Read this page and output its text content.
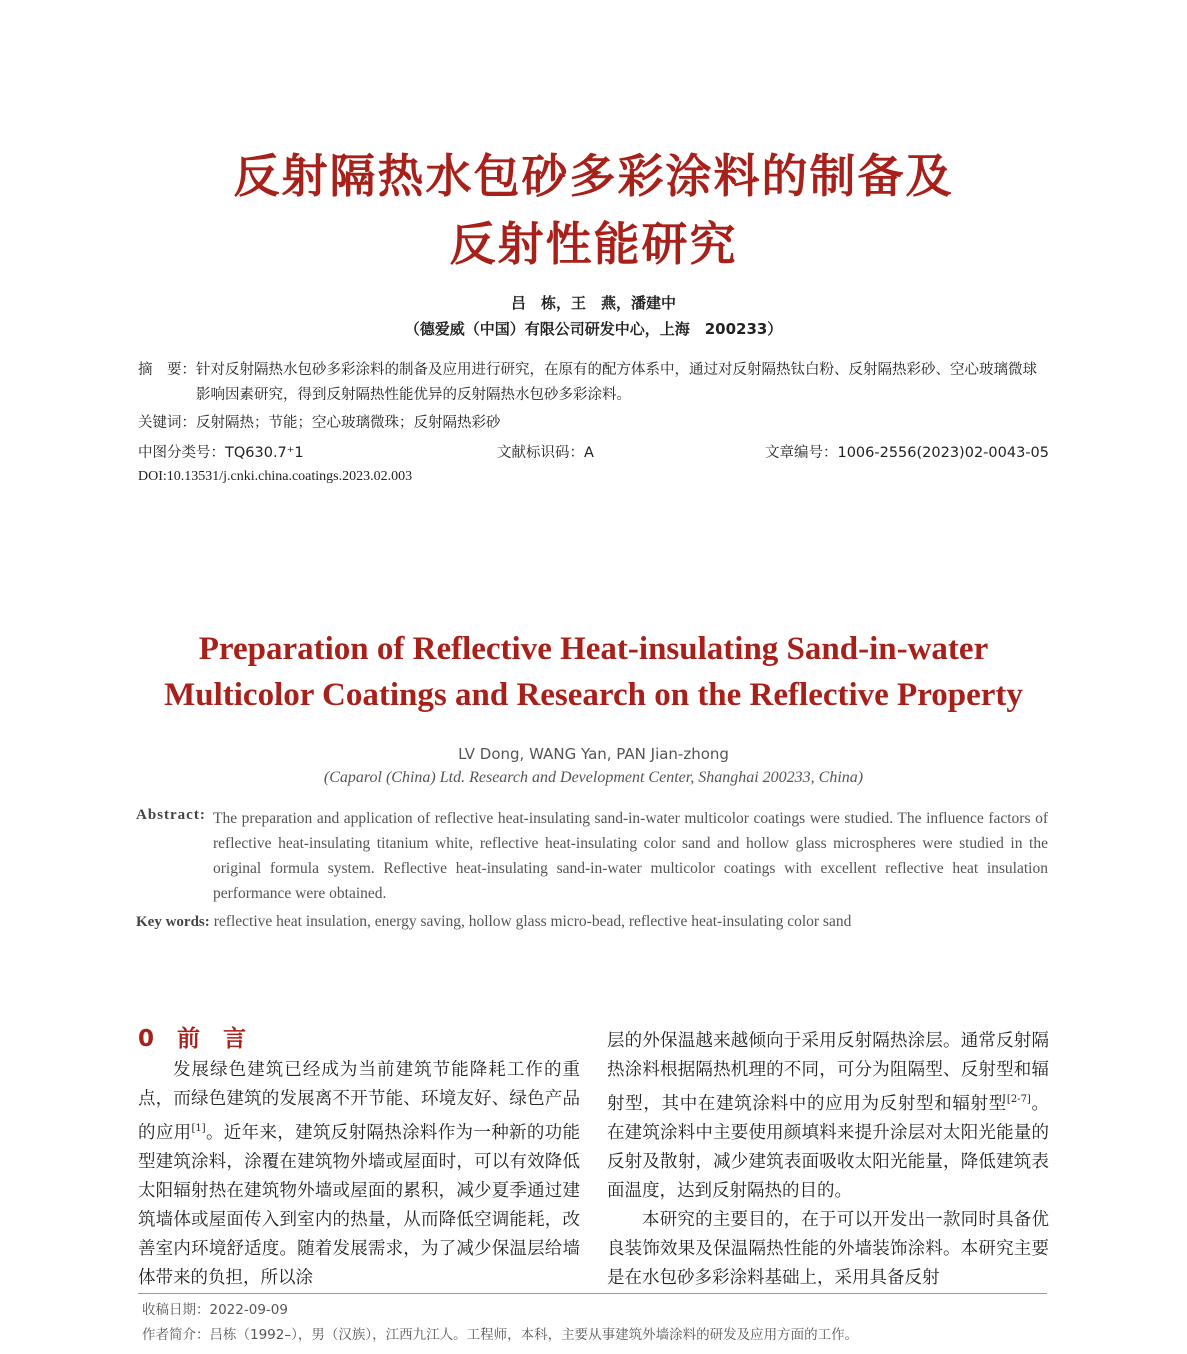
反射隔热水包砂多彩涂料的制备及
反射性能研究
吕　栋，王　燕，潘建中
（德爱威（中国）有限公司研发中心，上海　200233）
摘　要： 针对反射隔热水包砂多彩涂料的制备及应用进行研究，在原有的配方体系中，通过对反射隔热钛白粉、反射隔热彩砂、空心玻璃微球影响因素研究，得到反射隔热性能优异的反射隔热水包砂多彩涂料。
关键词：反射隔热；节能；空心玻璃微珠；反射隔热彩砂
中图分类号：TQ630.7⁺1	文献标识码：A	文章编号：1006-2556(2023)02-0043-05
DOI:10.13531/j.cnki.china.coatings.2023.02.003
Preparation of Reflective Heat-insulating Sand-in-water
Multicolor Coatings and Research on the Reflective Property
LV Dong, WANG Yan, PAN Jian-zhong
(Caparol (China) Ltd. Research and Development Center, Shanghai 200233, China)
Abstract: The preparation and application of reflective heat-insulating sand-in-water multicolor coatings were studied. The influence factors of reflective heat-insulating titanium white, reflective heat-insulating color sand and hollow glass microspheres were studied in the original formula system. Reflective heat-insulating sand-in-water multicolor coatings with excellent reflective heat insulation performance were obtained.
Key words: reflective heat insulation, energy saving, hollow glass micro-bead, reflective heat-insulating color sand
0　前　言

发展绿色建筑已经成为当前建筑节能降耗工作的重点，而绿色建筑的发展离不开节能、环境友好、绿色产品的应用[1]。近年来，建筑反射隔热涂料作为一种新的功能型建筑涂料，涂覆在建筑物外墙或屋面时，可以有效降低太阳辐射热在建筑物外墙或屋面的累积，减少夏季通过建筑墙体或屋面传入到室内的热量，从而降低空调能耗，改善室内环境舒适度。随着发展需求，为了减少保温层给墙体带来的负担，所以涂

层的外保温越来越倾向于采用反射隔热涂层。通常反射隔热涂料根据隔热机理的不同，可分为阻隔型、反射型和辐射型，其中在建筑涂料中的应用为反射型和辐射型[2-7]。在建筑涂料中主要使用颜填料来提升涂层对太阳光能量的反射及散射，减少建筑表面吸收太阳光能量，降低建筑表面温度，达到反射隔热的目的。

本研究的主要目的，在于可以开发出一款同时具备优良装饰效果及保温隔热性能的外墙装饰涂料。本研究主要是在水包砂多彩涂料基础上，采用具备反射

收稿日期：2022-09-09
作者简介：吕栋（1992–），男（汉族），江西九江人。工程师，本科，主要从事建筑外墙涂料的研发及应用方面的工作。
